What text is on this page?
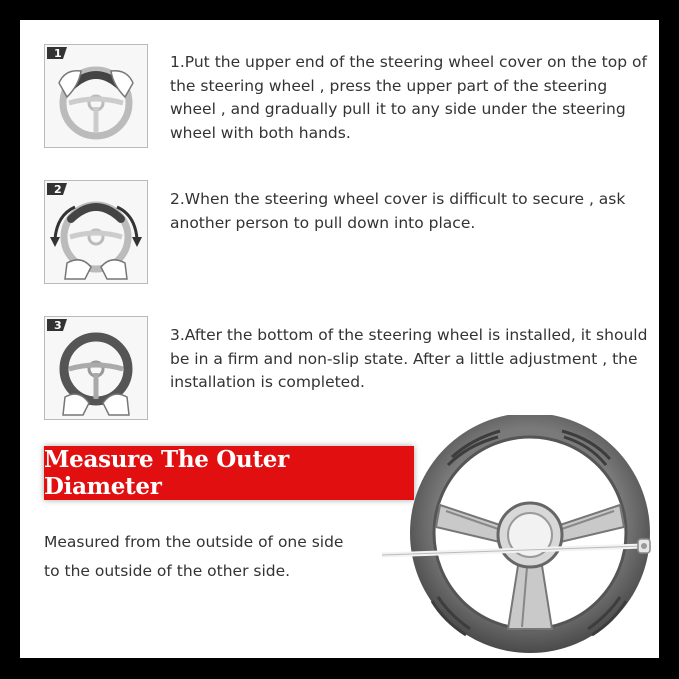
1	1.Put the upper end of the steering wheel cover on the top of the steering wheel , press the upper part of the steering wheel , and gradually pull it to any side under the steering wheel with both hands.
2
2.When the steering wheel cover is difficult to secure , ask another person to pull down into place.
3
3.After the bottom of the steering wheel is installed, it should be in a firm and non-slip state. After a little adjustment , the installation is completed.
Measure The Outer Diameter
Measured from the outside of one side
to the outside of the other side.
